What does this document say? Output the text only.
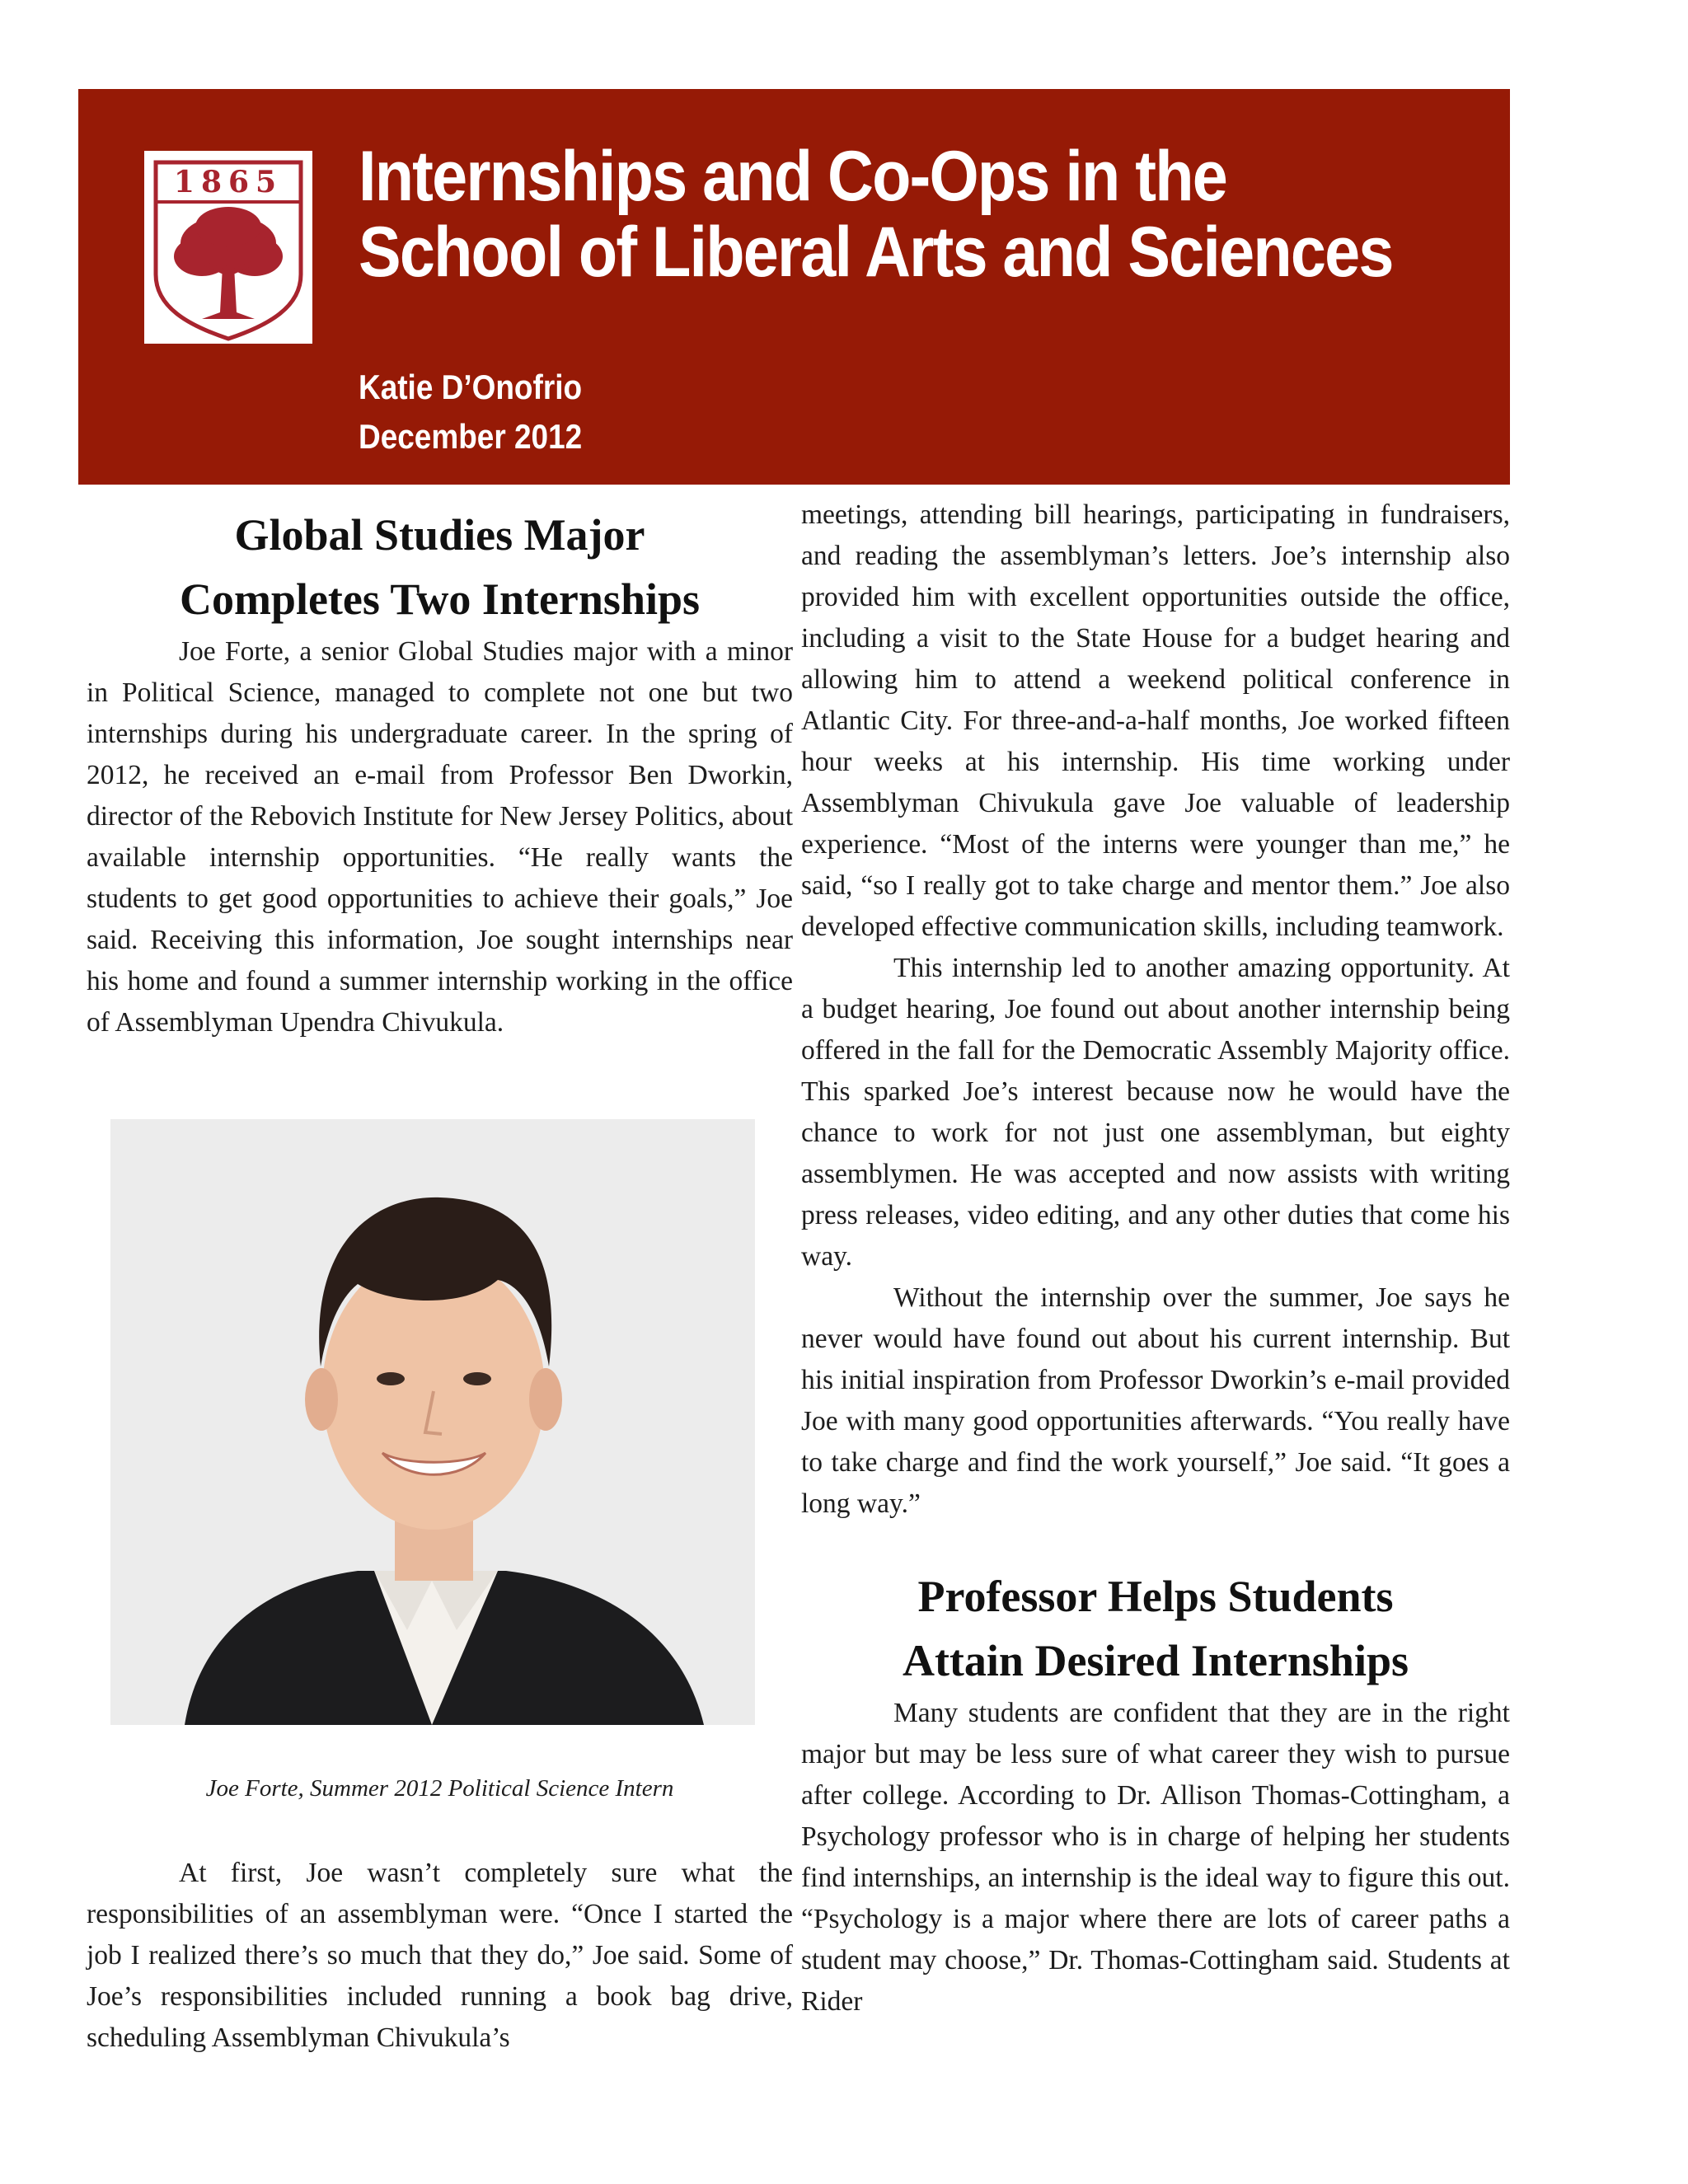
1865 Internships and Co-Ops in the
School of Liberal Arts and Sciences

Katie D’Onofrio

December 2012

Global Studies Major
Completes Two Internships

Joe Forte, a senior Global Studies major with a minor in Political Science, managed to complete not one but two internships during his undergraduate career. In the spring of 2012, he received an e-mail from Professor Ben Dworkin, director of the Rebovich Institute for New Jersey Politics, about available internship opportunities. “He really wants the students to get good opportunities to achieve their goals,” Joe said. Receiving this information, Joe sought internships near his home and found a summer internship working in the office of Assemblyman Upendra Chivukula.

Joe Forte, Summer 2012 Political Science Intern

At first, Joe wasn’t completely sure what the responsibilities of an assemblyman were. “Once I started the job I realized there’s so much that they do,” Joe said. Some of Joe’s responsibilities included running a book bag drive, scheduling Assemblyman Chivukula’s

meetings, attending bill hearings, participating in fundraisers, and reading the assemblyman’s letters. Joe’s internship also provided him with excellent opportunities outside the office, including a visit to the State House for a budget hearing and allowing him to attend a weekend political conference in Atlantic City. For three-and-a-half months, Joe worked fifteen hour weeks at his internship. His time working under Assemblyman Chivukula gave Joe valuable of leadership experience. “Most of the interns were younger than me,” he said, “so I really got to take charge and mentor them.” Joe also developed effective communication skills, including teamwork.

This internship led to another amazing opportunity. At a budget hearing, Joe found out about another internship being offered in the fall for the Democratic Assembly Majority office. This sparked Joe’s interest because now he would have the chance to work for not just one assemblyman, but eighty assemblymen. He was accepted and now assists with writing press releases, video editing, and any other duties that come his way.

Without the internship over the summer, Joe says he never would have found out about his current internship. But his initial inspiration from Professor Dworkin’s e-mail provided Joe with many good opportunities afterwards. “You really have to take charge and find the work yourself,” Joe said. “It goes a long way.”

Professor Helps Students
Attain Desired Internships

Many students are confident that they are in the right major but may be less sure of what career they wish to pursue after college. According to Dr. Allison Thomas-Cottingham, a Psychology professor who is in charge of helping her students find internships, an internship is the ideal way to figure this out. “Psychology is a major where there are lots of career paths a student may choose,” Dr. Thomas-Cottingham said. Students at Rider
